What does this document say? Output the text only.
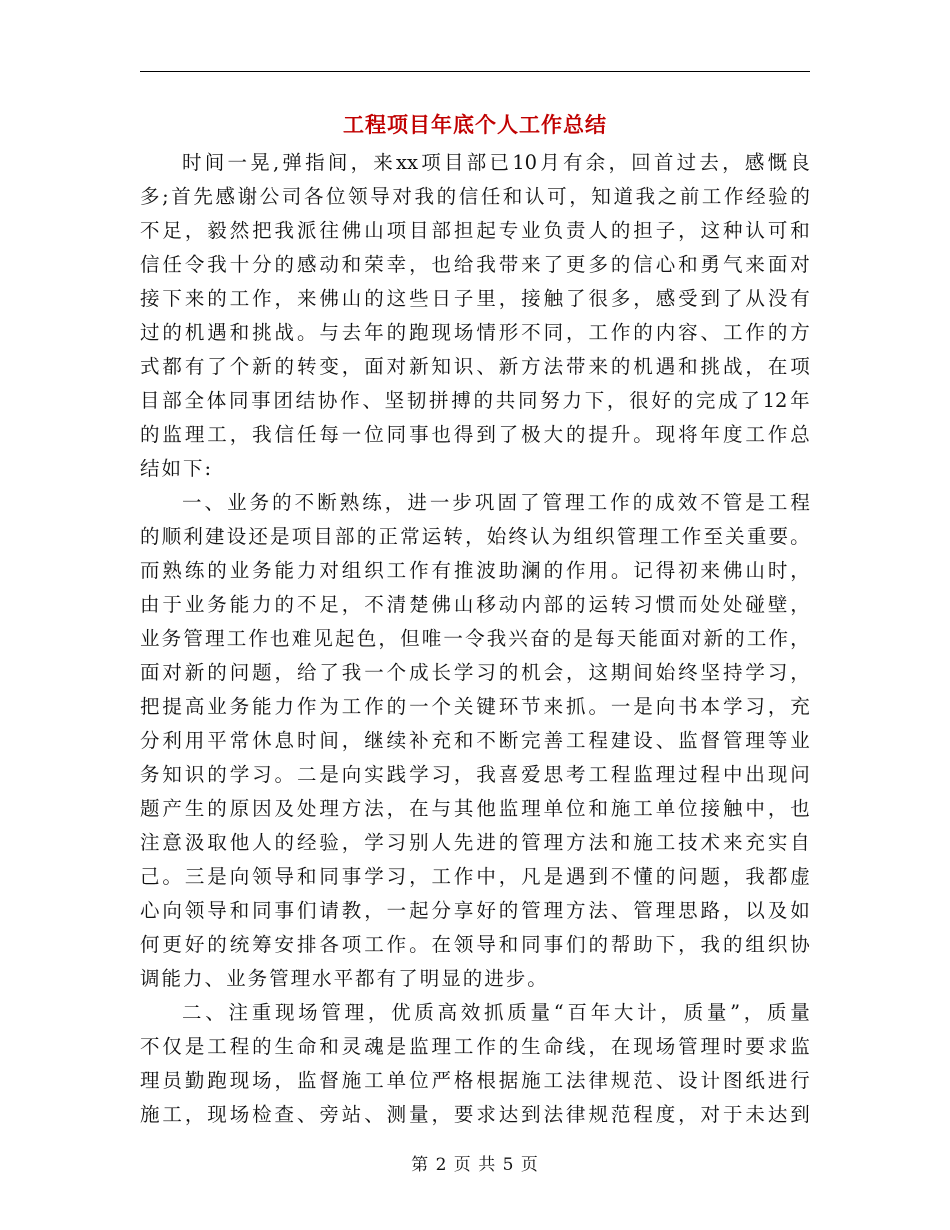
工程项目年底个人工作总结
时 间 一 晃 , 弹 指 间 ， 来 xx 项 目 部 已 10 月 有 余 ， 回 首 过 去 ， 感 慨 良
多 ; 首 先 感 谢 公 司 各 位 领 导 对 我 的 信 任 和 认 可 ， 知 道 我 之 前 工 作 经 验 的
不 足 ， 毅 然 把 我 派 往 佛 山 项 目 部 担 起 专 业 负 责 人 的 担 子 ， 这 种 认 可 和
信 任 令 我 十 分 的 感 动 和 荣 幸 ， 也 给 我 带 来 了 更 多 的 信 心 和 勇 气 来 面 对
接 下 来 的 工 作 ， 来 佛 山 的 这 些 日 子 里 ， 接 触 了 很 多 ， 感 受 到 了 从 没 有
过 的 机 遇 和 挑 战 。 与 去 年 的 跑 现 场 情 形 不 同 ， 工 作 的 内 容 、 工 作 的 方
式 都 有 了 个 新 的 转 变 ， 面 对 新 知 识 、 新 方 法 带 来 的 机 遇 和 挑 战 ， 在 项
目 部 全 体 同 事 团 结 协 作 、 坚 韧 拼 搏 的 共 同 努 力 下 ， 很 好 的 完 成 了 12 年
的 监 理 工 ， 我 信 任 每 一 位 同 事 也 得 到 了 极 大 的 提 升 。 现 将 年 度 工 作 总
结 如 下 :
一 、 业 务 的 不 断 熟 练 ， 进 一 步 巩 固 了 管 理 工 作 的 成 效 不 管 是 工 程
的 顺 利 建 设 还 是 项 目 部 的 正 常 运 转 ， 始 终 认 为 组 织 管 理 工 作 至 关 重 要 。
而 熟 练 的 业 务 能 力 对 组 织 工 作 有 推 波 助 澜 的 作 用 。 记 得 初 来 佛 山 时 ，
由 于 业 务 能 力 的 不 足 ， 不 清 楚 佛 山 移 动 内 部 的 运 转 习 惯 而 处 处 碰 壁 ，
业 务 管 理 工 作 也 难 见 起 色 ， 但 唯 一 令 我 兴 奋 的 是 每 天 能 面 对 新 的 工 作 ，
面 对 新 的 问 题 ， 给 了 我 一 个 成 长 学 习 的 机 会 ， 这 期 间 始 终 坚 持 学 习 ，
把 提 高 业 务 能 力 作 为 工 作 的 一 个 关 键 环 节 来 抓 。 一 是 向 书 本 学 习 ， 充
分 利 用 平 常 休 息 时 间 ， 继 续 补 充 和 不 断 完 善 工 程 建 设 、 监 督 管 理 等 业
务 知 识 的 学 习 。 二 是 向 实 践 学 习 ， 我 喜 爱 思 考 工 程 监 理 过 程 中 出 现 问
题 产 生 的 原 因 及 处 理 方 法 ， 在 与 其 他 监 理 单 位 和 施 工 单 位 接 触 中 ， 也
注 意 汲 取 他 人 的 经 验 ， 学 习 别 人 先 进 的 管 理 方 法 和 施 工 技 术 来 充 实 自
己 。 三 是 向 领 导 和 同 事 学 习 ， 工 作 中 ， 凡 是 遇 到 不 懂 的 问 题 ， 我 都 虚
心 向 领 导 和 同 事 们 请 教 ， 一 起 分 享 好 的 管 理 方 法 、 管 理 思 路 ， 以 及 如
何 更 好 的 统 筹 安 排 各 项 工 作 。 在 领 导 和 同 事 们 的 帮 助 下 ， 我 的 组 织 协
调 能 力 、 业 务 管 理 水 平 都 有 了 明 显 的 进 步 。
二 、 注 重 现 场 管 理 ， 优 质 高 效 抓 质 量 “ 百 年 大 计 ， 质 量 ” ， 质 量
不 仅 是 工 程 的 生 命 和 灵 魂 是 监 理 工 作 的 生 命 线 ， 在 现 场 管 理 时 要 求 监
理 员 勤 跑 现 场 ， 监 督 施 工 单 位 严 格 根 据 施 工 法 律 规 范 、 设 计 图 纸 进 行
施 工 ， 现 场 检 查 、 旁 站 、 测 量 ， 要 求 达 到 法 律 规 范 程 度 ， 对 于 未 达 到
第 2 页 共 5 页
